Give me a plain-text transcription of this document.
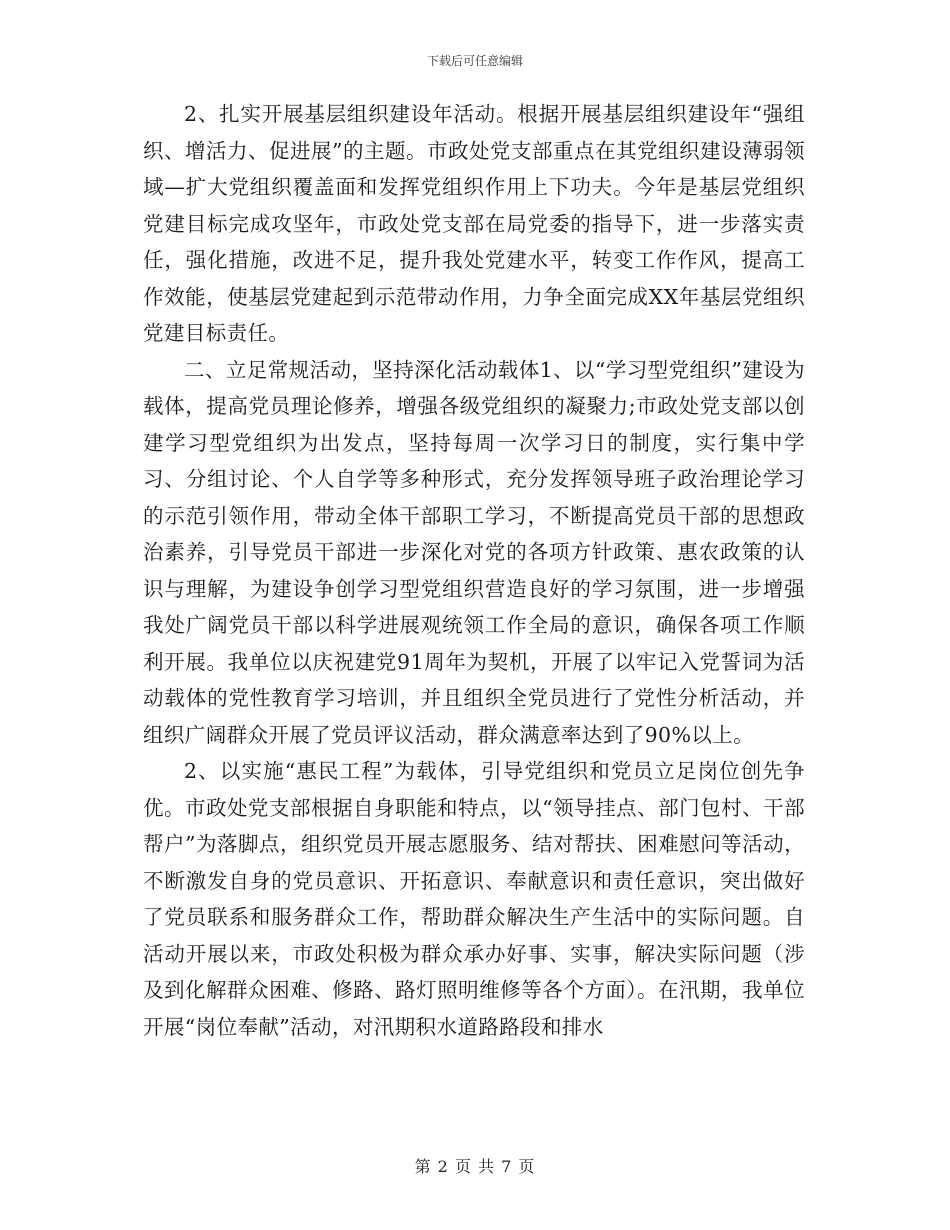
下载后可任意编辑

2、扎实开展基层组织建设年活动。根据开展基层组织建设年“强组织、增活力、促进展”的主题。市政处党支部重点在其党组织建设薄弱领域—扩大党组织覆盖面和发挥党组织作用上下功夫。今年是基层党组织党建目标完成攻坚年，市政处党支部在局党委的指导下，进一步落实责任，强化措施，改进不足，提升我处党建水平，转变工作作风，提高工作效能，使基层党建起到示范带动作用，力争全面完成XX年基层党组织党建目标责任。

二、立足常规活动，坚持深化活动载体1、以“学习型党组织”建设为载体，提高党员理论修养，增强各级党组织的凝聚力;市政处党支部以创建学习型党组织为出发点，坚持每周一次学习日的制度，实行集中学习、分组讨论、个人自学等多种形式，充分发挥领导班子政治理论学习的示范引领作用，带动全体干部职工学习，不断提高党员干部的思想政治素养，引导党员干部进一步深化对党的各项方针政策、惠农政策的认识与理解，为建设争创学习型党组织营造良好的学习氛围，进一步增强我处广阔党员干部以科学进展观统领工作全局的意识，确保各项工作顺利开展。我单位以庆祝建党91周年为契机，开展了以牢记入党誓词为活动载体的党性教育学习培训，并且组织全党员进行了党性分析活动，并组织广阔群众开展了党员评议活动，群众满意率达到了90%以上。

2、以实施“惠民工程”为载体，引导党组织和党员立足岗位创先争优。市政处党支部根据自身职能和特点，以“领导挂点、部门包村、干部帮户”为落脚点，组织党员开展志愿服务、结对帮扶、困难慰问等活动，不断激发自身的党员意识、开拓意识、奉献意识和责任意识，突出做好了党员联系和服务群众工作，帮助群众解决生产生活中的实际问题。自活动开展以来，市政处积极为群众承办好事、实事，解决实际问题（涉及到化解群众困难、修路、路灯照明维修等各个方面）。在汛期，我单位开展“岗位奉献”活动，对汛期积水道路路段和排水

第 2 页 共 7 页
